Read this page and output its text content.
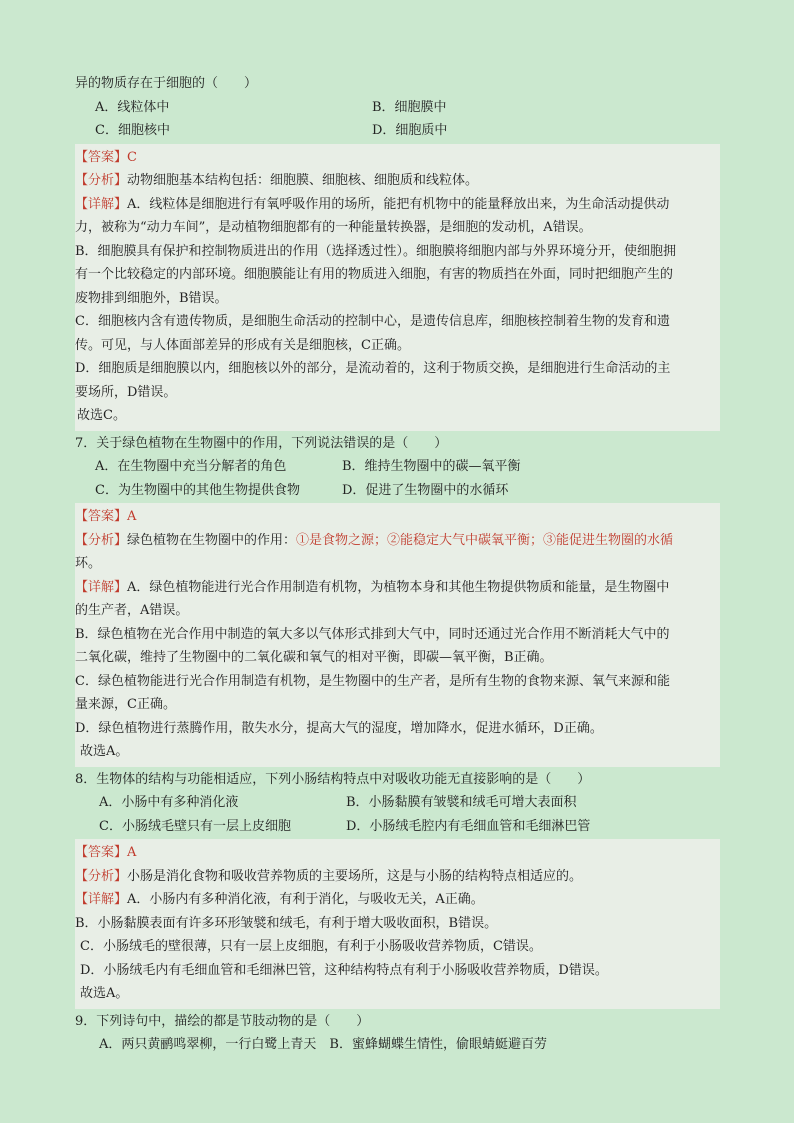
异的物质存在于细胞的（　　）
A．线粒体中	B．细胞膜中
C．细胞核中	D．细胞质中
【答案】C
【分析】动物细胞基本结构包括：细胞膜、细胞核、细胞质和线粒体。
【详解】A．线粒体是细胞进行有氧呼吸作用的场所，能把有机物中的能量释放出来，为生命活动提供动
力，被称为“动力车间”，是动植物细胞都有的一种能量转换器，是细胞的发动机，A错误。
B．细胞膜具有保护和控制物质进出的作用（选择透过性）。细胞膜将细胞内部与外界环境分开，使细胞拥
有一个比较稳定的内部环境。细胞膜能让有用的物质进入细胞，有害的物质挡在外面，同时把细胞产生的
废物排到细胞外，B错误。
C．细胞核内含有遗传物质，是细胞生命活动的控制中心，是遗传信息库，细胞核控制着生物的发育和遗
传。可见，与人体面部差异的形成有关是细胞核，C正确。
D．细胞质是细胞膜以内，细胞核以外的部分，是流动着的，这利于物质交换，是细胞进行生命活动的主
要场所，D错误。
故选C。
7．关于绿色植物在生物圈中的作用，下列说法错误的是（　　）
A．在生物圈中充当分解者的角色	B．维持生物圈中的碳—氧平衡
C．为生物圈中的其他生物提供食物	D．促进了生物圈中的水循环
【答案】A
【分析】绿色植物在生物圈中的作用：①是食物之源；②能稳定大气中碳氧平衡；③能促进生物圈的水循
环。
【详解】A．绿色植物能进行光合作用制造有机物，为植物本身和其他生物提供物质和能量，是生物圈中
的生产者，A错误。
B．绿色植物在光合作用中制造的氧大多以气体形式排到大气中，同时还通过光合作用不断消耗大气中的
二氧化碳，维持了生物圈中的二氧化碳和氧气的相对平衡，即碳—氧平衡，B正确。
C．绿色植物能进行光合作用制造有机物，是生物圈中的生产者，是所有生物的食物来源、氧气来源和能
量来源，C正确。
D．绿色植物进行蒸腾作用，散失水分，提高大气的湿度，增加降水，促进水循环，D正确。
故选A。
8．生物体的结构与功能相适应，下列小肠结构特点中对吸收功能无直接影响的是（　　）
A．小肠中有多种消化液	B．小肠黏膜有皱襞和绒毛可增大表面积
C．小肠绒毛壁只有一层上皮细胞	D．小肠绒毛腔内有毛细血管和毛细淋巴管
【答案】A
【分析】小肠是消化食物和吸收营养物质的主要场所，这是与小肠的结构特点相适应的。
【详解】A．小肠内有多种消化液，有利于消化，与吸收无关，A正确。
B．小肠黏膜表面有许多环形皱襞和绒毛，有利于增大吸收面积，B错误。
C．小肠绒毛的壁很薄，只有一层上皮细胞，有利于小肠吸收营养物质，C错误。
D．小肠绒毛内有毛细血管和毛细淋巴管，这种结构特点有利于小肠吸收营养物质，D错误。
故选A。
9．下列诗句中，描绘的都是节肢动物的是（　　）
A．两只黄鹂鸣翠柳，一行白鹭上青天　B．蜜蜂蝴蝶生情性，偷眼蜻蜓避百劳
